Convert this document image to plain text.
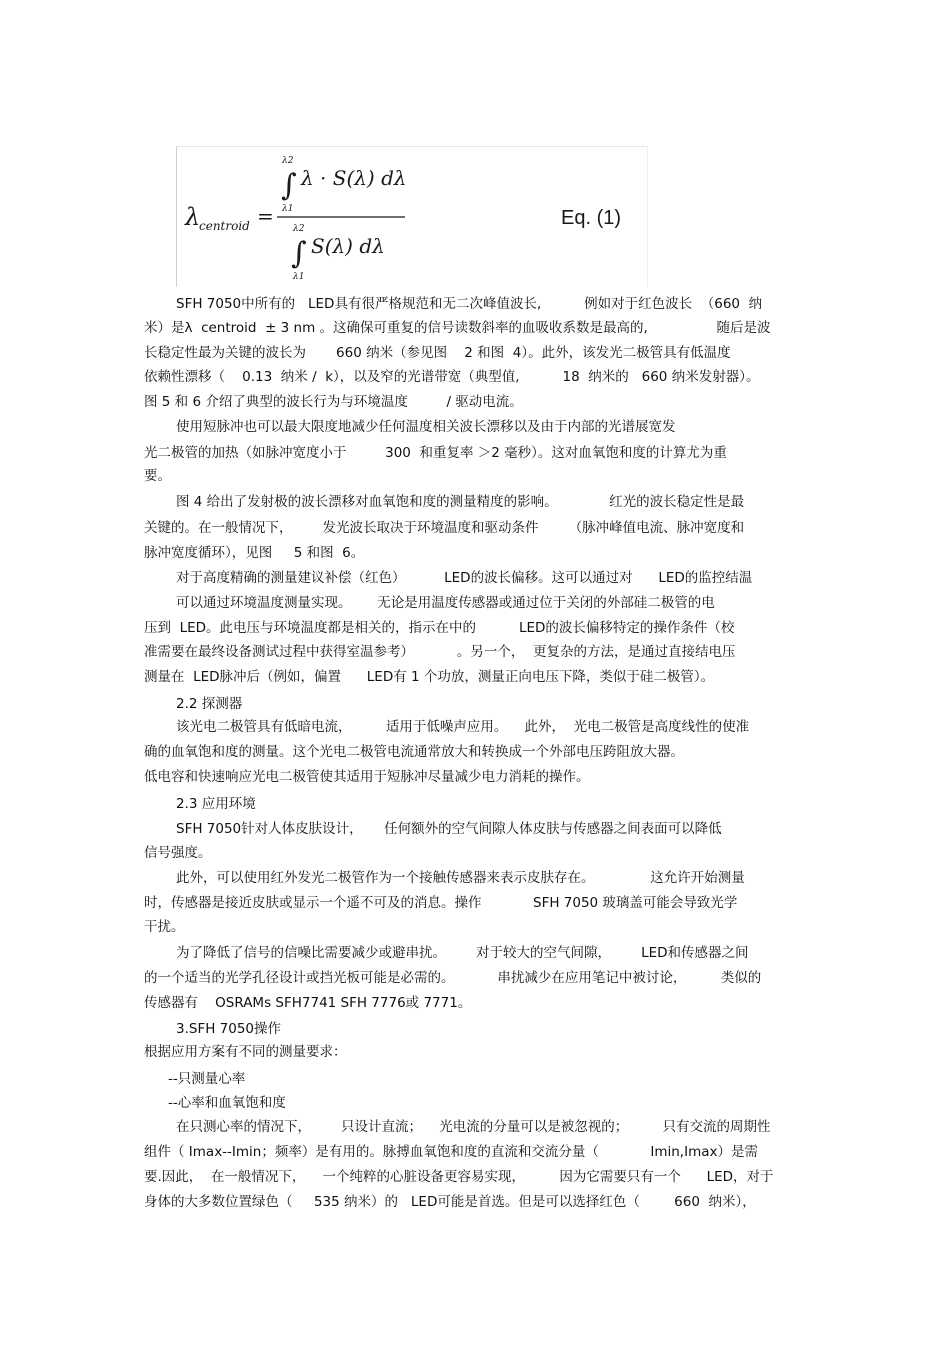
λ
centroid =
λ2
∫
λ1
λ · S(λ) dλ
λ2
∫
λ1
S(λ) dλ
Eq. (1)
SFH 7050中所有的   LED具有很严格规范和无二次峰值波长,          例如对于红色波长  （660  纳
米）是λ  centroid  ± 3 nm 。这确保可重复的信号读数斜率的血吸收系数是最高的,                随后是波
长稳定性最为关键的波长为       660 纳米（参见图    2 和图  4）。此外，该发光二极管具有低温度
依赖性漂移（    0.13  纳米 /  k），以及窄的光谱带宽（典型值,          18  纳米的   660 纳米发射器）。
图 5 和 6 介绍了典型的波长行为与环境温度         / 驱动电流。
使用短脉冲也可以最大限度地减少任何温度相关波长漂移以及由于内部的光谱展宽发
光二极管的加热（如脉冲宽度小于         300  和重复率 ＞2 毫秒）。这对血氧饱和度的计算尤为重
要。
图 4 给出了发射极的波长漂移对血氧饱和度的测量精度的影响。            红光的波长稳定性是最
关键的。在一般情况下，       发光波长取决于环境温度和驱动条件       （脉冲峰值电流、脉冲宽度和
脉冲宽度循环），见图     5 和图  6。
对于高度精确的测量建议补偿（红色）         LED的波长偏移。这可以通过对      LED的监控结温
可以通过环境温度测量实现。      无论是用温度传感器或通过位于关闭的外部硅二极管的电
压到  LED。此电压与环境温度都是相关的，指示在中的          LED的波长偏移特定的操作条件（校
准需要在最终设备测试过程中获得室温参考）          。另一个，  更复杂的方法，是通过直接结电压
测量在  LED脉冲后（例如，偏置      LED有 1 个功放，测量正向电压下降，类似于硅二极管）。
2.2 探测器
该光电二极管具有低暗电流，        适用于低噪声应用。    此外，  光电二极管是高度线性的使准
确的血氧饱和度的测量。这个光电二极管电流通常放大和转换成一个外部电压跨阻放大器。
低电容和快速响应光电二极管使其适用于短脉冲尽量减少电力消耗的操作。
2.3 应用环境
SFH 7050针对人体皮肤设计，     任何额外的空气间隙人体皮肤与传感器之间表面可以降低
信号强度。
此外，可以使用红外发光二极管作为一个接触传感器来表示皮肤存在。             这允许开始测量
时，传感器是接近皮肤或显示一个遥不可及的消息。操作            SFH 7050 玻璃盖可能会导致光学
干扰。
为了降低了信号的信噪比需要减少或避串扰。       对于较大的空气间隙，       LED和传感器之间
的一个适当的光学孔径设计或挡光板可能是必需的。          串扰减少在应用笔记中被讨论，        类似的
传感器有    OSRAMs SFH7741 SFH 7776或 7771。
3.SFH 7050操作
根据应用方案有不同的测量要求：
--只测量心率
--心率和血氧饱和度
在只测心率的情况下，       只设计直流；    光电流的分量可以是被忽视的；        只有交流的周期性
组件（ Imax--Imin；频率）是有用的。脉搏血氧饱和度的直流和交流分量（            Imin,Imax）是需
要.因此，  在一般情况下，    一个纯粹的心脏设备更容易实现，        因为它需要只有一个      LED，对于
身体的大多数位置绿色（     535 纳米）的   LED可能是首选。但是可以选择红色（        660  纳米），
